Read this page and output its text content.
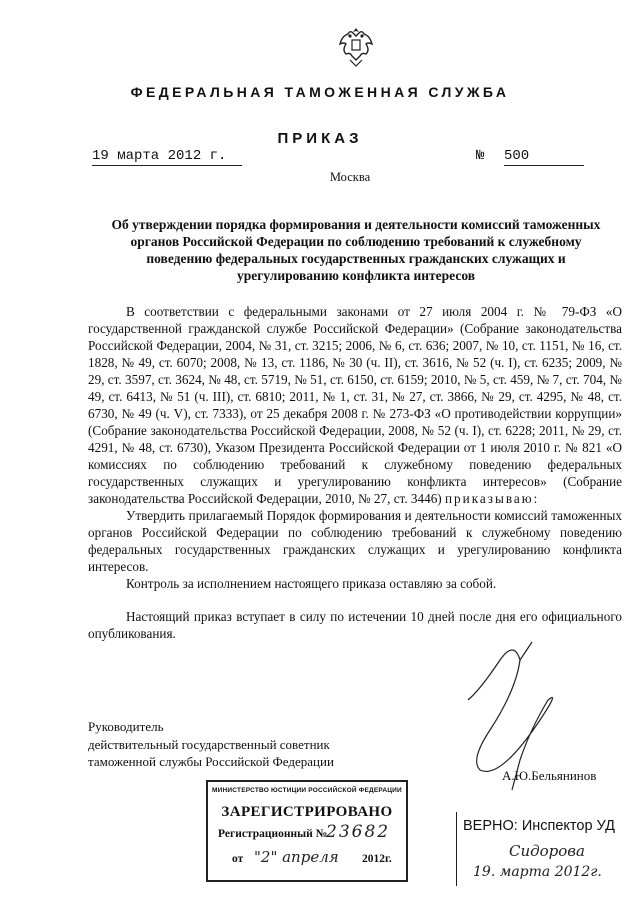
ФЕДЕРАЛЬНАЯ ТАМОЖЕННАЯ СЛУЖБА
ПРИКАЗ
19 марта 2012 г.	№ 500
Москва
Об утверждении порядка формирования и деятельности комиссий таможенных органов Российской Федерации по соблюдению требований к служебному поведению федеральных государственных гражданских служащих и урегулированию конфликта интересов

В соответствии с федеральными законами от 27 июля 2004 г. № 79-ФЗ «О государственной гражданской службе Российской Федерации» (Собрание законодательства Российской Федерации, 2004, № 31, ст. 3215; 2006, № 6, ст. 636; 2007, № 10, ст. 1151, № 16, ст. 1828, № 49, ст. 6070; 2008, № 13, ст. 1186, № 30 (ч. II), ст. 3616, № 52 (ч. I), ст. 6235; 2009, № 29, ст. 3597, ст. 3624, № 48, ст. 5719, № 51, ст. 6150, ст. 6159; 2010, № 5, ст. 459, № 7, ст. 704, № 49, ст. 6413, № 51 (ч. III), ст. 6810; 2011, № 1, ст. 31, № 27, ст. 3866, № 29, ст. 4295, № 48, ст. 6730, № 49 (ч. V), ст. 7333), от 25 декабря 2008 г. № 273-ФЗ «О противодействии коррупции» (Собрание законодательства Российской Федерации, 2008, № 52 (ч. I), ст. 6228; 2011, № 29, ст. 4291, № 48, ст. 6730), Указом Президента Российской Федерации от 1 июля 2010 г. № 821 «О комиссиях по соблюдению требований к служебному поведению федеральных государственных служащих и урегулированию конфликта интересов» (Собрание законодательства Российской Федерации, 2010, № 27, ст. 3446) приказываю:

Утвердить прилагаемый Порядок формирования и деятельности комиссий таможенных органов Российской Федерации по соблюдению требований к служебному поведению федеральных государственных гражданских служащих и урегулированию конфликта интересов.

Контроль за исполнением настоящего приказа оставляю за собой.

Настоящий приказ вступает в силу по истечении 10 дней после дня его официального опубликования.

Руководитель
действительный государственный советник
таможенной службы Российской Федерации
А.Ю.Бельянинов
МИНИСТЕРСТВО ЮСТИЦИИ РОССИЙСКОЙ ФЕДЕРАЦИИ
ЗАРЕГИСТРИРОВАНО
Регистрационный №
23682
от "2" апреля 2012г.
ВЕРНО: Инспектор УД
Сидорова
19. марта 2012г.
